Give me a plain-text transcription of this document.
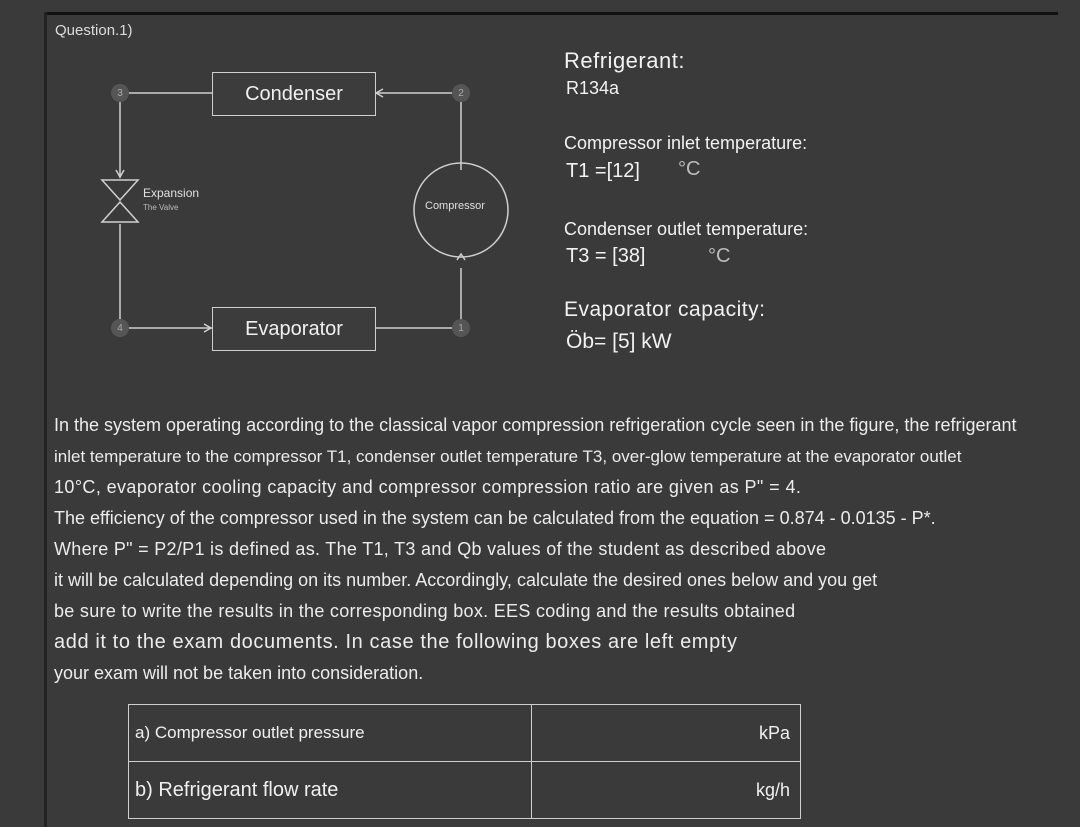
Question.1)
Condenser
Evaporator
3	2
4	1
Compressor
Expansion
The Valve
Refrigerant:
R134a
Compressor inlet temperature:
T1 =[12] °C
Condenser outlet temperature:
T3 = [38]	°C
Evaporator capacity:
Öb= [5] kW

In the system operating according to the classical vapor compression refrigeration cycle seen in the figure, the refrigerant

inlet temperature to the compressor T1, condenser outlet temperature T3, over-glow temperature at the evaporator outlet

10°C, evaporator cooling capacity and compressor compression ratio are given as P" = 4.

The efficiency of the compressor used in the system can be calculated from the equation = 0.874 - 0.0135 - P*.

Where P" = P2/P1 is defined as. The T1, T3 and Qb values of the student as described above

it will be calculated depending on its number. Accordingly, calculate the desired ones below and you get

be sure to write the results in the corresponding box. EES coding and the results obtained

add it to the exam documents. In case the following boxes are left empty

your exam will not be taken into consideration.

a) Compressor outlet pressure	kPa
b) Refrigerant flow rate	kg/h
